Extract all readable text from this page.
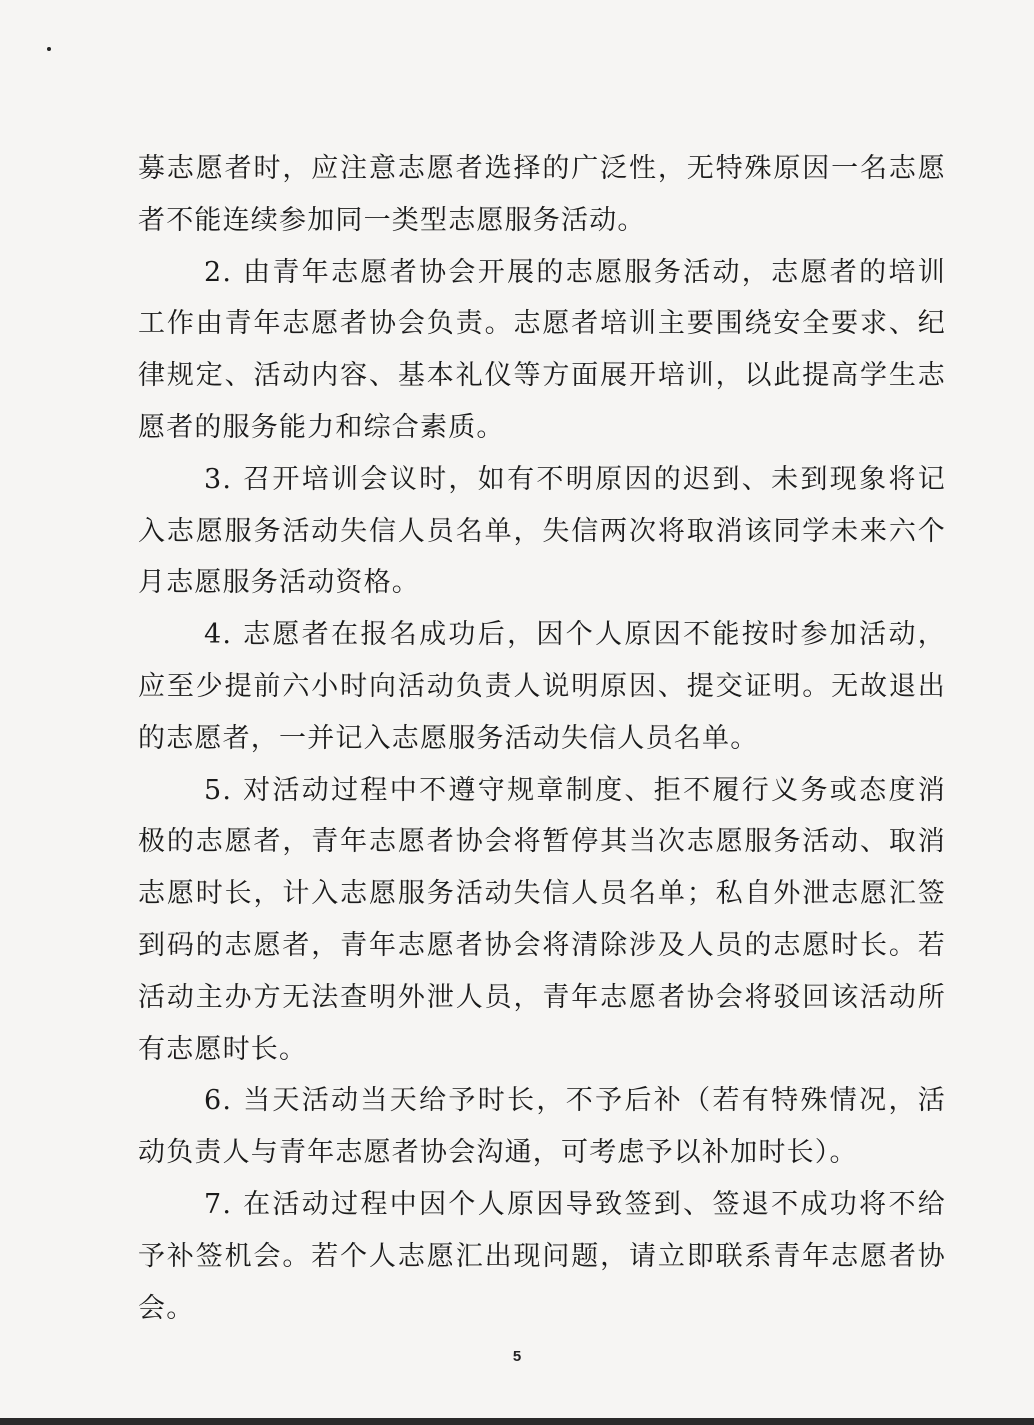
募志愿者时，应注意志愿者选择的广泛性，无特殊原因一名志愿者不能连续参加同一类型志愿服务活动。

2. 由青年志愿者协会开展的志愿服务活动，志愿者的培训工作由青年志愿者协会负责。志愿者培训主要围绕安全要求、纪律规定、活动内容、基本礼仪等方面展开培训，以此提高学生志愿者的服务能力和综合素质。

3. 召开培训会议时，如有不明原因的迟到、未到现象将记入志愿服务活动失信人员名单，失信两次将取消该同学未来六个月志愿服务活动资格。

4. 志愿者在报名成功后，因个人原因不能按时参加活动，应至少提前六小时向活动负责人说明原因、提交证明。无故退出的志愿者，一并记入志愿服务活动失信人员名单。

5. 对活动过程中不遵守规章制度、拒不履行义务或态度消极的志愿者，青年志愿者协会将暂停其当次志愿服务活动、取消志愿时长，计入志愿服务活动失信人员名单；私自外泄志愿汇签到码的志愿者，青年志愿者协会将清除涉及人员的志愿时长。若活动主办方无法查明外泄人员，青年志愿者协会将驳回该活动所有志愿时长。

6. 当天活动当天给予时长，不予后补（若有特殊情况，活动负责人与青年志愿者协会沟通，可考虑予以补加时长）。

7. 在活动过程中因个人原因导致签到、签退不成功将不给予补签机会。若个人志愿汇出现问题，请立即联系青年志愿者协会。

5
